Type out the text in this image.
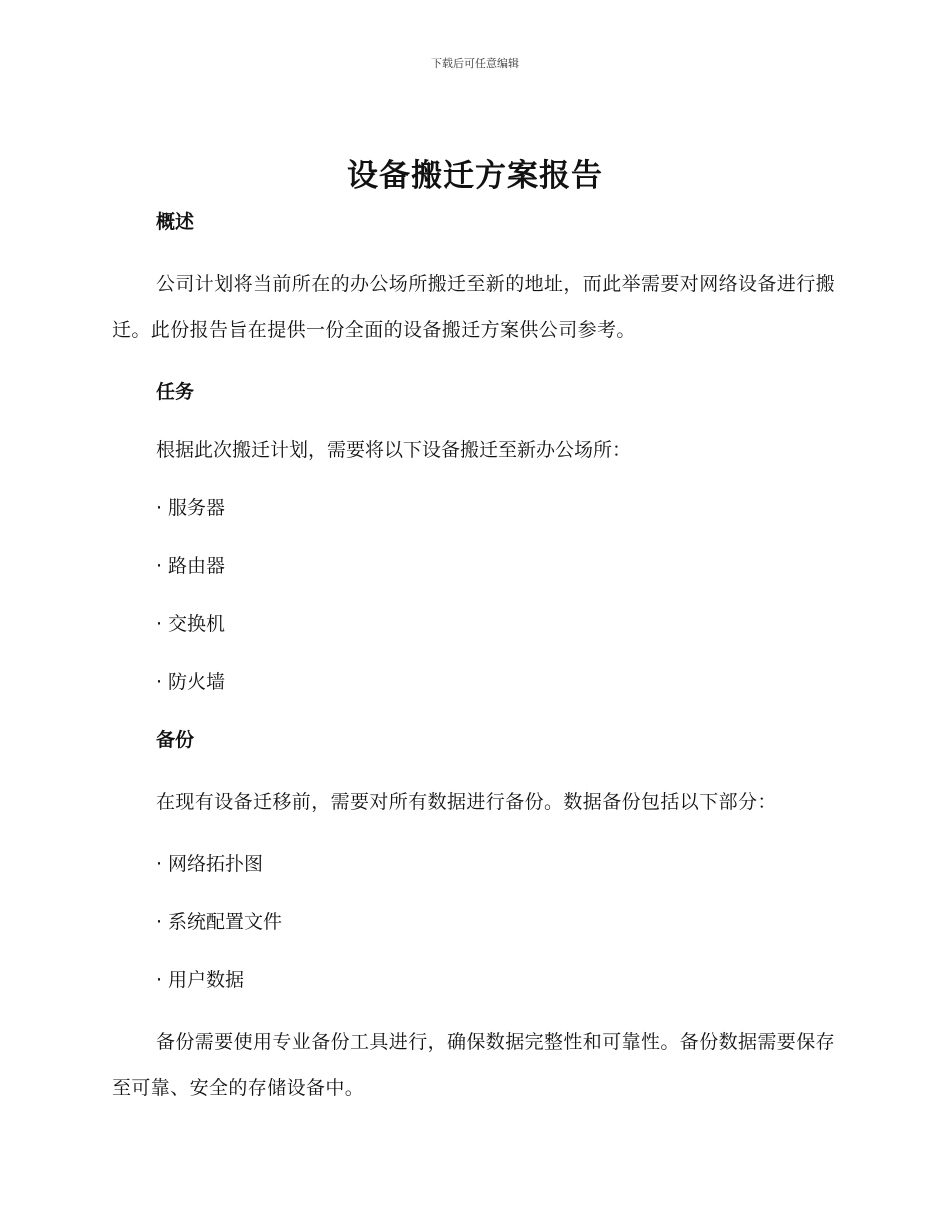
下载后可任意编辑
设备搬迁方案报告

概述

公司计划将当前所在的办公场所搬迁至新的地址，而此举需要对网络设备进行搬迁。此份报告旨在提供一份全面的设备搬迁方案供公司参考。

任务

根据此次搬迁计划，需要将以下设备搬迁至新办公场所：

· 服务器

· 路由器

· 交换机

· 防火墙

备份

在现有设备迁移前，需要对所有数据进行备份。数据备份包括以下部分：

· 网络拓扑图

· 系统配置文件

· 用户数据

备份需要使用专业备份工具进行，确保数据完整性和可靠性。备份数据需要保存至可靠、安全的存储设备中。
